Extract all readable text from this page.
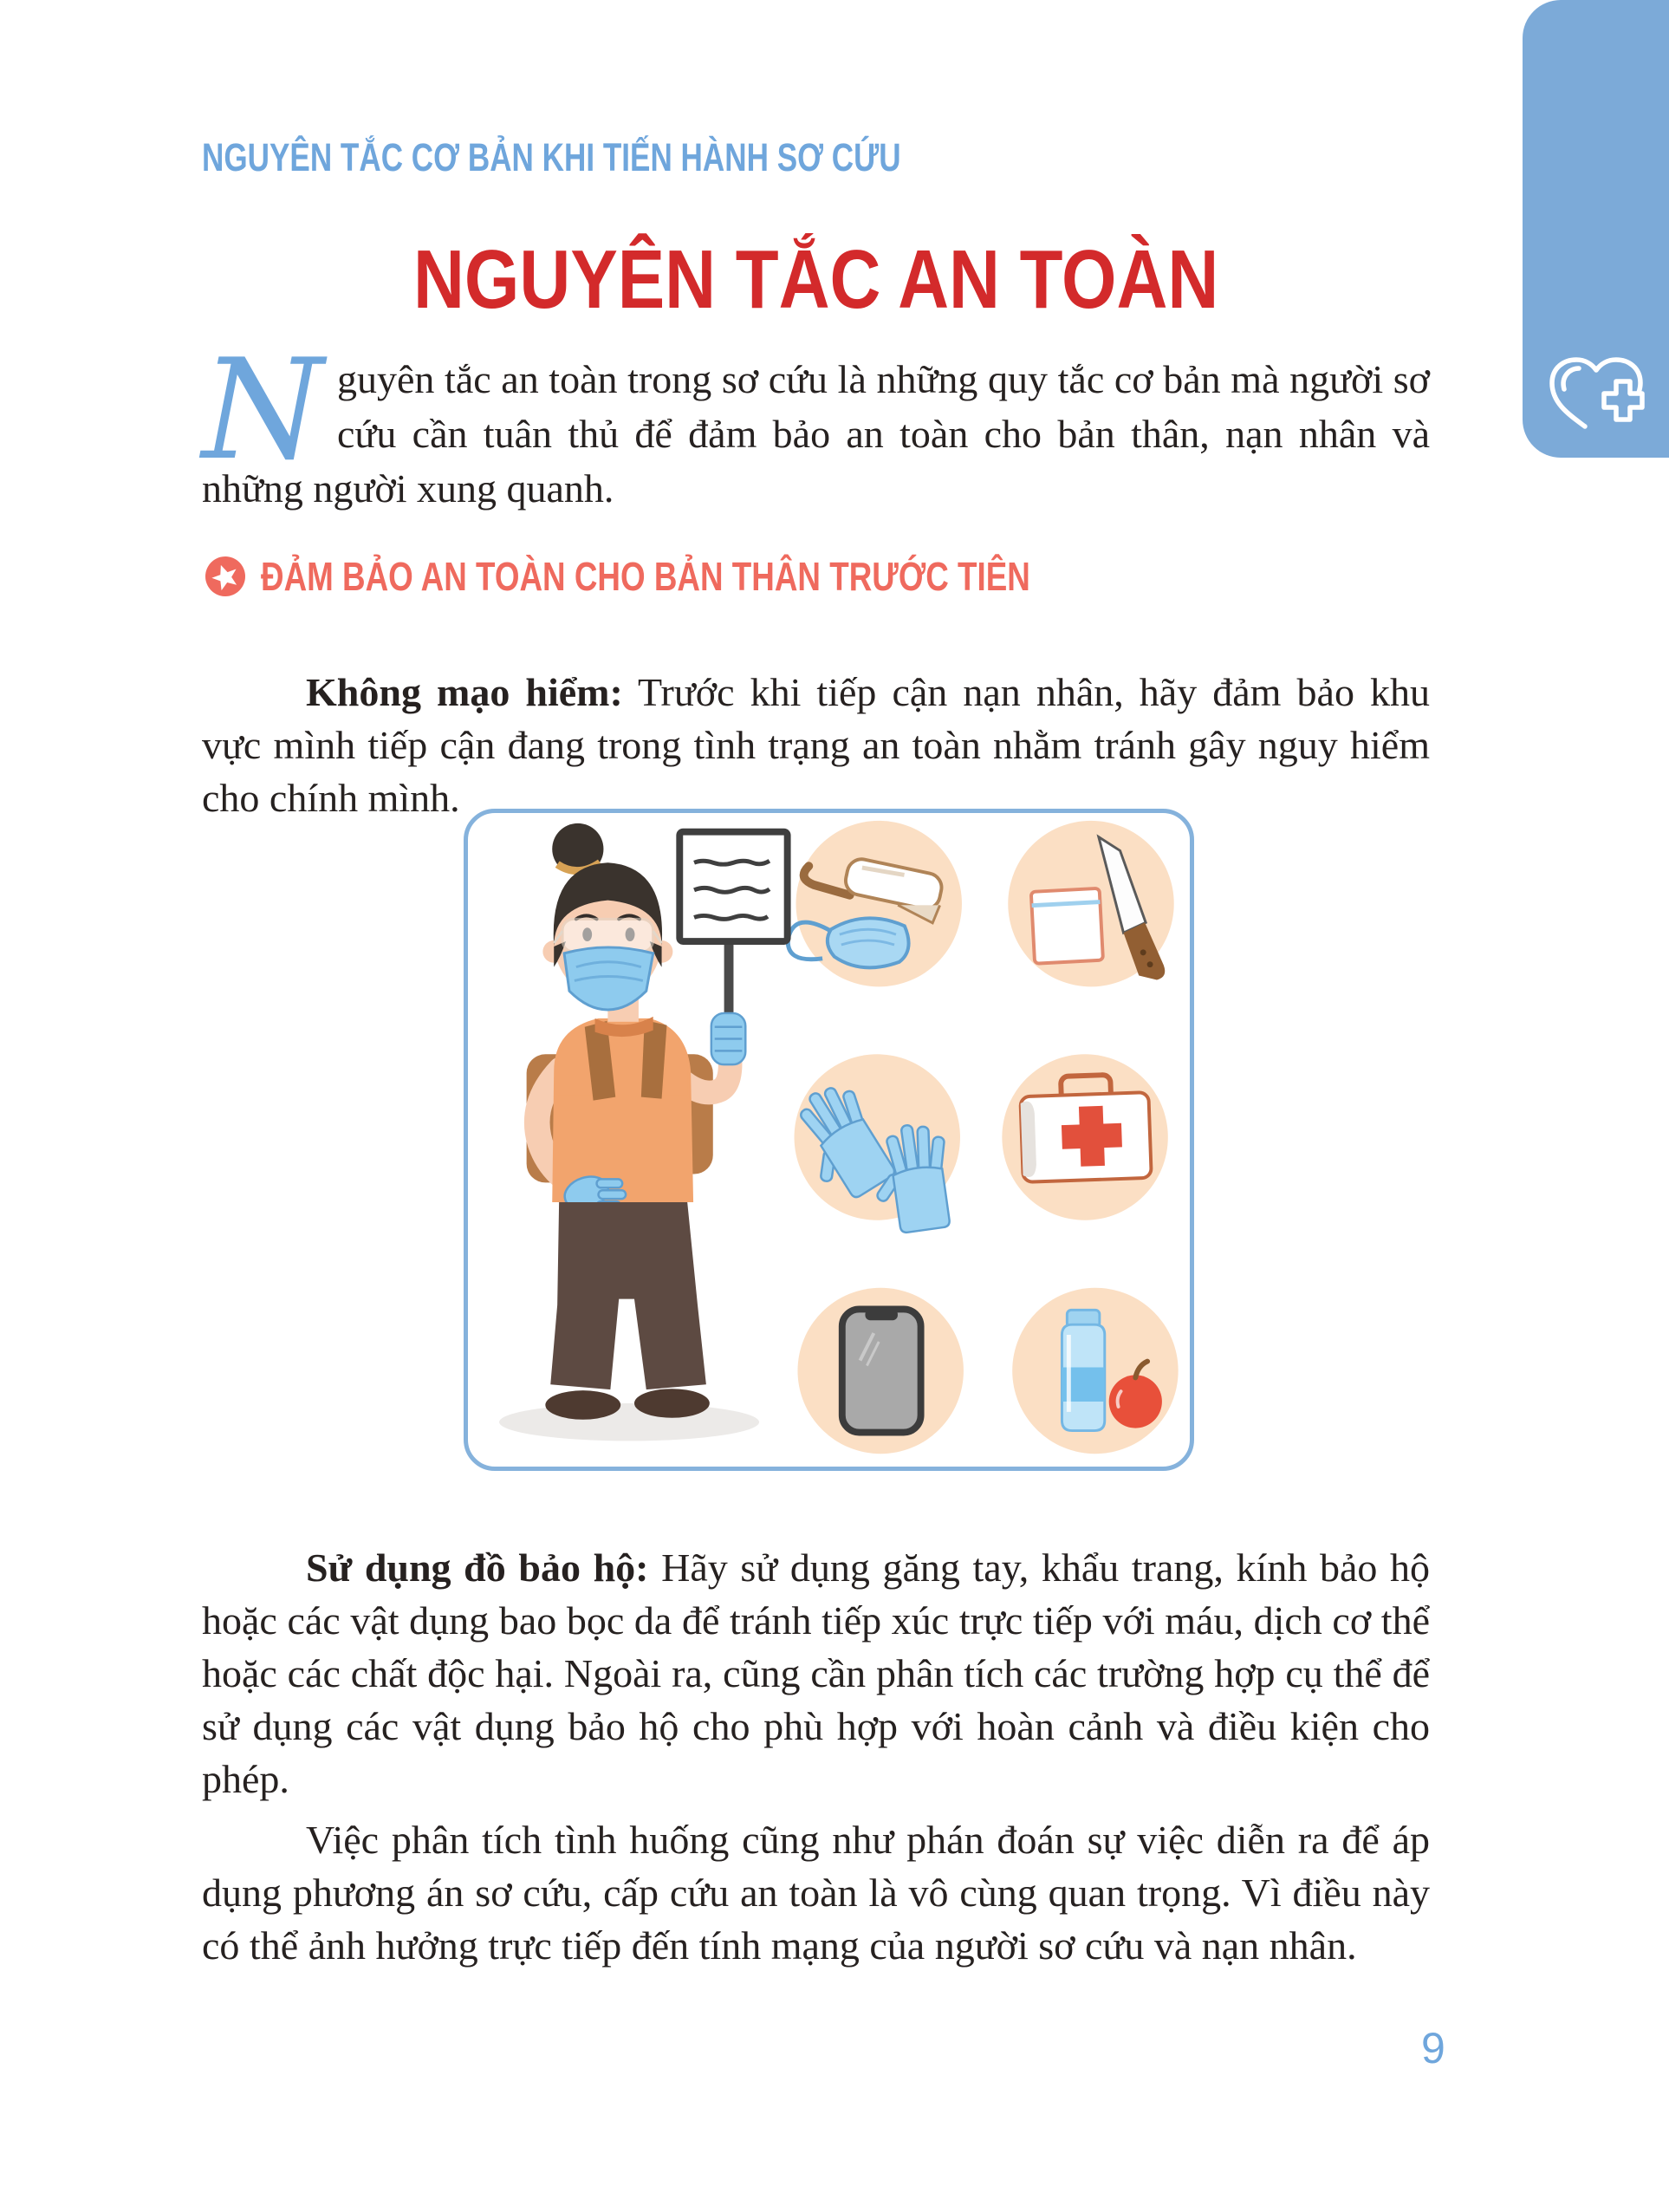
NGUYÊN TẮC CƠ BẢN KHI TIẾN HÀNH SƠ CỨU
NGUYÊN TẮC AN TOÀN
Nguyên tắc an toàn trong sơ cứu là những quy tắc cơ bản mà người sơ cứu cần tuân thủ để đảm bảo an toàn cho bản thân, nạn nhân và những người xung quanh.
ĐẢM BẢO AN TOÀN CHO BẢN THÂN TRƯỚC TIÊN

Không mạo hiểm: Trước khi tiếp cận nạn nhân, hãy đảm bảo khu vực mình tiếp cận đang trong tình trạng an toàn nhằm tránh gây nguy hiểm cho chính mình.

Sử dụng đồ bảo hộ: Hãy sử dụng găng tay, khẩu trang, kính bảo hộ hoặc các vật dụng bao bọc da để tránh tiếp xúc trực tiếp với máu, dịch cơ thể hoặc các chất độc hại. Ngoài ra, cũng cần phân tích các trường hợp cụ thể để sử dụng các vật dụng bảo hộ cho phù hợp với hoàn cảnh và điều kiện cho phép.

Việc phân tích tình huống cũng như phán đoán sự việc diễn ra để áp dụng phương án sơ cứu, cấp cứu an toàn là vô cùng quan trọng. Vì điều này có thể ảnh hưởng trực tiếp đến tính mạng của người sơ cứu và nạn nhân.

9
